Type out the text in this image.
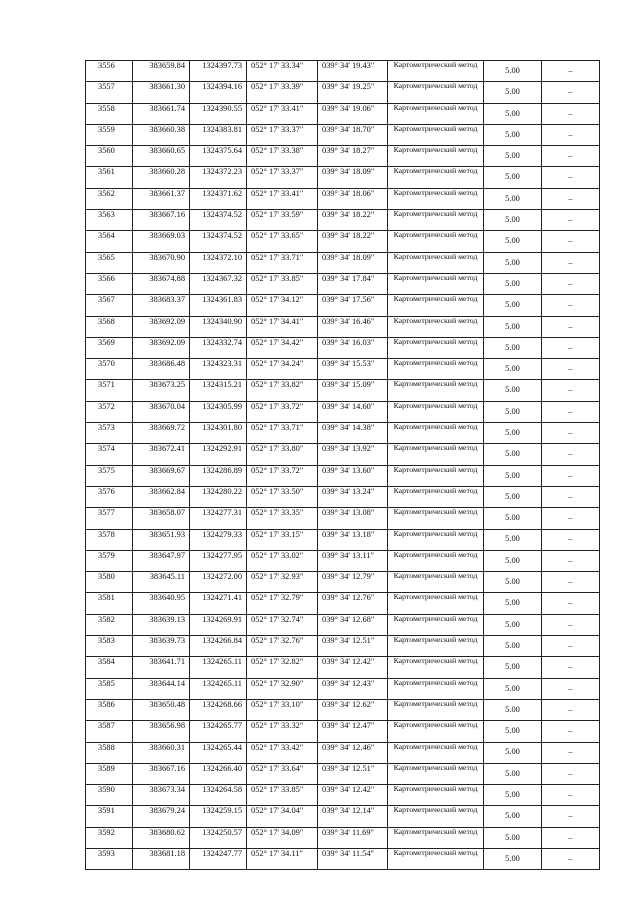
3556	383659.84	1324397.73	052° 17' 33.34"	039° 34' 19.43"	Картометрический метод	5.00	–
3557	383661.30	1324394.16	052° 17' 33.39"	039° 34' 19.25"	Картометрический метод	5.00	–
3558	383661.74	1324390.55	052° 17' 33.41"	039° 34' 19.06"	Картометрический метод	5.00	–
3559	383660.38	1324383.81	052° 17' 33.37"	039° 34' 18.70"	Картометрический метод	5.00	–
3560	383660.65	1324375.64	052° 17' 33.38"	039° 34' 18.27"	Картометрический метод	5.00	–
3561	383660.28	1324372.23	052° 17' 33.37"	039° 34' 18.09"	Картометрический метод	5.00	–
3562	383661.37	1324371.62	052° 17' 33.41"	039° 34' 18.06"	Картометрический метод	5.00	–
3563	383667.16	1324374.52	052° 17' 33.59"	039° 34' 18.22"	Картометрический метод	5.00	–
3564	383669.03	1324374.52	052° 17' 33.65"	039° 34' 18.22"	Картометрический метод	5.00	–
3565	383670.90	1324372.10	052° 17' 33.71"	039° 34' 18.09"	Картометрический метод	5.00	–
3566	383674.88	1324367.32	052° 17' 33.85"	039° 34' 17.84"	Картометрический метод	5.00	–
3567	383683.37	1324361.83	052° 17' 34.12"	039° 34' 17.56"	Картометрический метод	5.00	–
3568	383692.09	1324340.90	052° 17' 34.41"	039° 34' 16.46"	Картометрический метод	5.00	–
3569	383692.09	1324332.74	052° 17' 34.42"	039° 34' 16.03"	Картометрический метод	5.00	–
3570	383686.48	1324323.31	052° 17' 34.24"	039° 34' 15.53"	Картометрический метод	5.00	–
3571	383673.25	1324315.21	052° 17' 33.82"	039° 34' 15.09"	Картометрический метод	5.00	–
3572	383670.04	1324305.99	052° 17' 33.72"	039° 34' 14.60"	Картометрический метод	5.00	–
3573	383669.72	1324301.80	052° 17' 33.71"	039° 34' 14.38"	Картометрический метод	5.00	–
3574	383672.41	1324292.91	052° 17' 33.80"	039° 34' 13.92"	Картометрический метод	5.00	–
3575	383669.67	1324286.89	052° 17' 33.72"	039° 34' 13.60"	Картометрический метод	5.00	–
3576	383662.84	1324280.22	052° 17' 33.50"	039° 34' 13.24"	Картометрический метод	5.00	–
3577	383658.07	1324277.31	052° 17' 33.35"	039° 34' 13.08"	Картометрический метод	5.00	–
3578	383651.93	1324279.33	052° 17' 33.15"	039° 34' 13.18"	Картометрический метод	5.00	–
3579	383647.97	1324277.95	052° 17' 33.02"	039° 34' 13.11"	Картометрический метод	5.00	–
3580	383645.11	1324272.00	052° 17' 32.93"	039° 34' 12.79"	Картометрический метод	5.00	–
3581	383640.95	1324271.41	052° 17' 32.79"	039° 34' 12.76"	Картометрический метод	5.00	–
3582	383639.13	1324269.91	052° 17' 32.74"	039° 34' 12.68"	Картометрический метод	5.00	–
3583	383639.73	1324266.84	052° 17' 32.76"	039° 34' 12.51"	Картометрический метод	5.00	–
3584	383641.71	1324265.11	052° 17' 32.82"	039° 34' 12.42"	Картометрический метод	5.00	–
3585	383644.14	1324265.11	052° 17' 32.90"	039° 34' 12.43"	Картометрический метод	5.00	–
3586	383650.48	1324268.66	052° 17' 33.10"	039° 34' 12.62"	Картометрический метод	5.00	–
3587	383656.98	1324265.77	052° 17' 33.32"	039° 34' 12.47"	Картометрический метод	5.00	–
3588	383660.31	1324265.44	052° 17' 33.42"	039° 34' 12.46"	Картометрический метод	5.00	–
3589	383667.16	1324266.40	052° 17' 33.64"	039° 34' 12.51"	Картометрический метод	5.00	–
3590	383673.34	1324264.58	052° 17' 33.85"	039° 34' 12.42"	Картометрический метод	5.00	–
3591	383679.24	1324259.15	052° 17' 34.04"	039° 34' 12.14"	Картометрический метод	5.00	–
3592	383680.62	1324250.57	052° 17' 34.09"	039° 34' 11.69"	Картометрический метод	5.00	–
3593	383681.18	1324247.77	052° 17' 34.11"	039° 34' 11.54"	Картометрический метод	5.00	–
